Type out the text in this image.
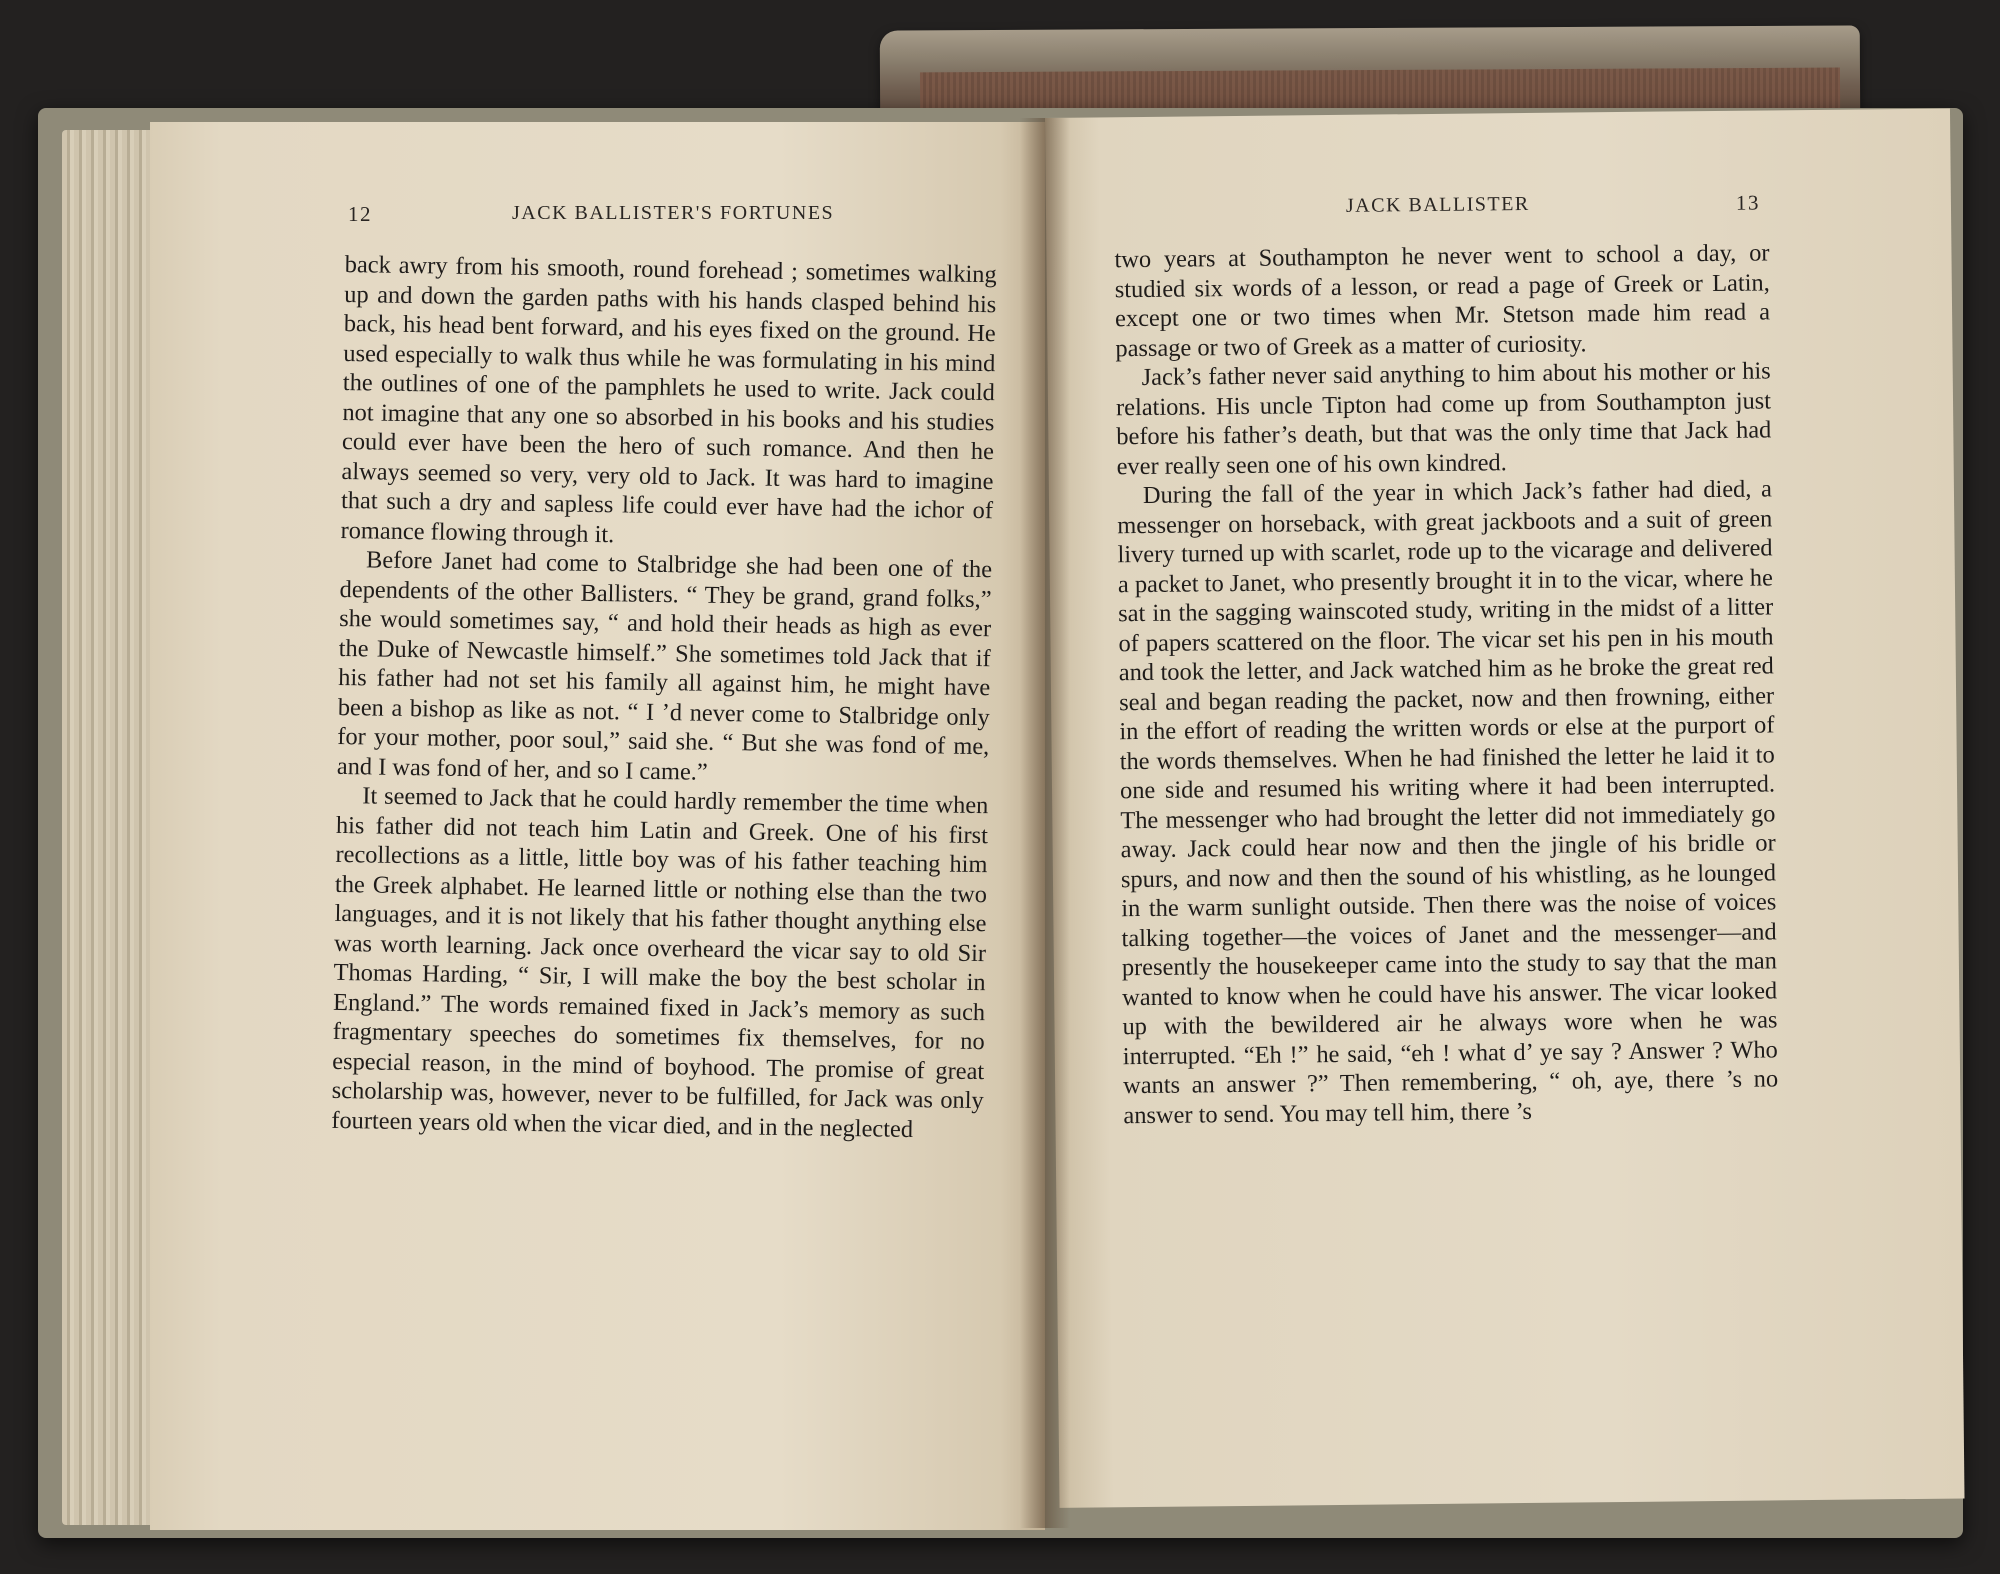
12	JACK BALLISTER'S FORTUNES

back awry from his smooth, round forehead ; sometimes walking up and down the garden paths with his hands clasped behind his back, his head bent forward, and his eyes fixed on the ground. He used especially to walk thus while he was formulating in his mind the outlines of one of the pamphlets he used to write. Jack could not imagine that any one so absorbed in his books and his studies could ever have been the hero of such romance. And then he always seemed so very, very old to Jack. It was hard to imagine that such a dry and sapless life could ever have had the ichor of romance flowing through it.

Before Janet had come to Stalbridge she had been one of the dependents of the other Ballisters. “ They be grand, grand folks,” she would sometimes say, “ and hold their heads as high as ever the Duke of Newcastle himself.” She sometimes told Jack that if his father had not set his family all against him, he might have been a bishop as like as not. “ I ’d never come to Stalbridge only for your mother, poor soul,” said she. “ But she was fond of me, and I was fond of her, and so I came.”

It seemed to Jack that he could hardly remember the time when his father did not teach him Latin and Greek. One of his first recollections as a little, little boy was of his father teaching him the Greek alphabet. He learned little or nothing else than the two languages, and it is not likely that his father thought anything else was worth learning. Jack once overheard the vicar say to old Sir Thomas Harding, “ Sir, I will make the boy the best scholar in England.” The words remained fixed in Jack’s memory as such fragmentary speeches do sometimes fix themselves, for no especial reason, in the mind of boyhood. The promise of great scholarship was, however, never to be fulfilled, for Jack was only fourteen years old when the vicar died, and in the neglected

JACK BALLISTER	13

two years at Southampton he never went to school a day, or studied six words of a lesson, or read a page of Greek or Latin, except one or two times when Mr. Stetson made him read a passage or two of Greek as a matter of curiosity.

Jack’s father never said anything to him about his mother or his relations. His uncle Tipton had come up from Southampton just before his father’s death, but that was the only time that Jack had ever really seen one of his own kindred.

During the fall of the year in which Jack’s father had died, a messenger on horseback, with great jackboots and a suit of green livery turned up with scarlet, rode up to the vicarage and delivered a packet to Janet, who presently brought it in to the vicar, where he sat in the sagging wainscoted study, writing in the midst of a litter of papers scattered on the floor. The vicar set his pen in his mouth and took the letter, and Jack watched him as he broke the great red seal and began reading the packet, now and then frowning, either in the effort of reading the written words or else at the purport of the words themselves. When he had finished the letter he laid it to one side and resumed his writing where it had been interrupted. The messenger who had brought the letter did not immediately go away. Jack could hear now and then the jingle of his bridle or spurs, and now and then the sound of his whistling, as he lounged in the warm sunlight outside. Then there was the noise of voices talking together—the voices of Janet and the messenger—and presently the housekeeper came into the study to say that the man wanted to know when he could have his answer. The vicar looked up with the bewildered air he always wore when he was interrupted. “Eh !” he said, “eh ! what d’ ye say ? Answer ? Who wants an answer ?” Then remembering, “ oh, aye, there ’s no answer to send. You may tell him, there ’s
